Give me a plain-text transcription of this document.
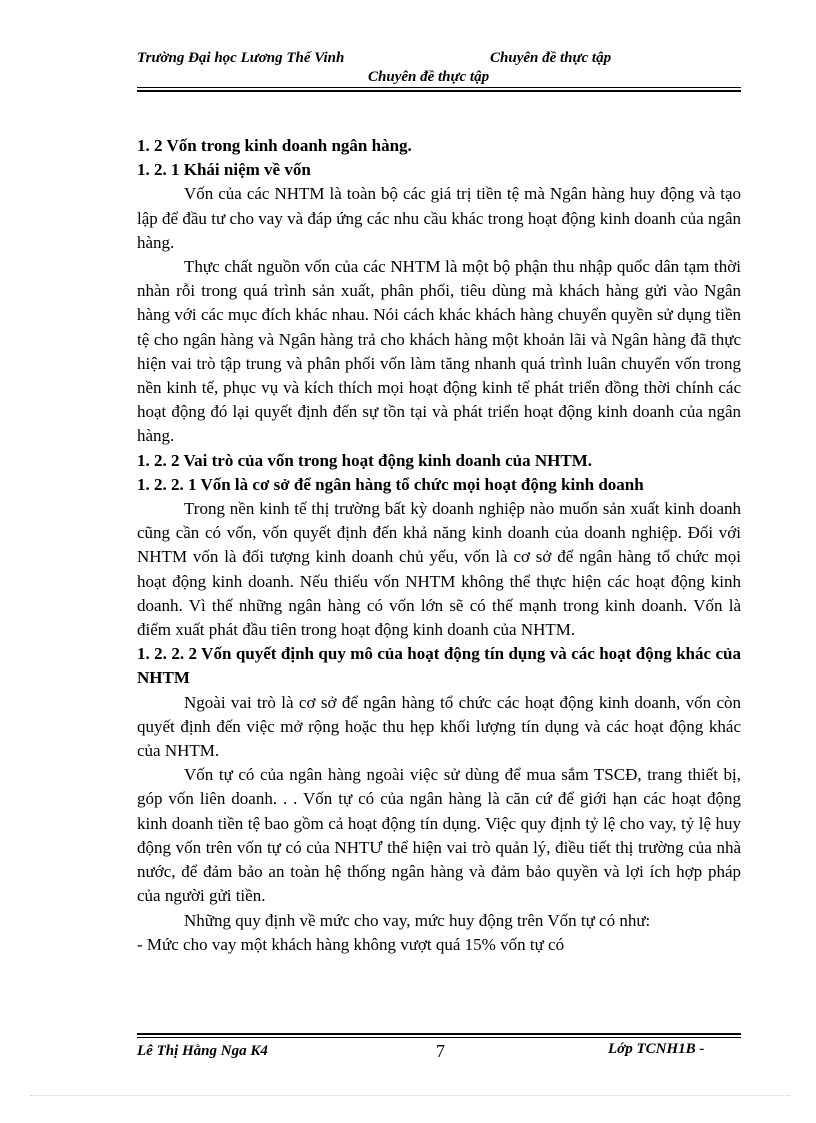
Trường Đại học Lương Thế Vinh	Chuyên đề thực tập
Chuyên đề thực tập

1. 2 Vốn trong kinh doanh ngân hàng.

1. 2. 1 Khái niệm về vốn

Vốn của các NHTM là toàn bộ các giá trị tiền tệ mà Ngân hàng huy động và tạo lập để đầu tư cho vay và đáp ứng các nhu cầu khác trong hoạt động kinh doanh của ngân hàng.

Thực chất nguồn vốn của các NHTM là một bộ phận thu nhập quốc dân tạm thời nhàn rỗi trong quá trình sản xuất, phân phối, tiêu dùng mà khách hàng gửi vào Ngân hàng với các mục đích khác nhau. Nói cách khác khách hàng chuyển quyền sử dụng tiền tệ cho ngân hàng và Ngân hàng trả cho khách hàng một khoản lãi và Ngân hàng đã thực hiện vai trò tập trung và phân phối vốn làm tăng nhanh quá trình luân chuyển vốn trong nền kinh tế, phục vụ và kích thích mọi hoạt động kinh tế phát triển đồng thời chính các hoạt động đó lại quyết định đến sự tồn tại và phát triển hoạt động kinh doanh của ngân hàng.

1. 2. 2 Vai trò của vốn trong hoạt động kinh doanh của NHTM.

1. 2. 2. 1 Vốn là cơ sở để ngân hàng tổ chức mọi hoạt động kinh doanh

Trong nền kinh tế thị trường bất kỳ doanh nghiệp nào muốn sản xuất kinh doanh cũng cần có vốn, vốn quyết định đến khả năng kinh doanh của doanh nghiệp. Đối với NHTM vốn là đối tượng kinh doanh chủ yếu, vốn là cơ sở để ngân hàng tổ chức mọi hoạt động kinh doanh. Nếu thiếu vốn NHTM không thể thực hiện các hoạt động kinh doanh. Vì thế những ngân hàng có vốn lớn sẽ có thế mạnh trong kinh doanh. Vốn là điểm xuất phát đầu tiên trong hoạt động kinh doanh của NHTM.

1. 2. 2. 2 Vốn quyết định quy mô của hoạt động tín dụng và các hoạt động khác của NHTM

Ngoài vai trò là cơ sở để ngân hàng tổ chức các hoạt động kinh doanh, vốn còn quyết định đến việc mở rộng hoặc thu hẹp khối lượng tín dụng và các hoạt động khác của NHTM.

Vốn tự có của ngân hàng ngoài việc sử dùng để mua sắm TSCĐ, trang thiết bị, góp vốn liên doanh. . . Vốn tự có của ngân hàng là căn cứ để giới hạn các hoạt động kinh doanh tiền tệ bao gồm cả hoạt động tín dụng. Việc quy định tỷ lệ cho vay, tỷ lệ huy động vốn trên vốn tự có của NHTƯ thể hiện vai trò quản lý, điều tiết thị trường của nhà nước, để đảm bảo an toàn hệ thống ngân hàng và đảm bảo quyền và lợi ích hợp pháp của người gửi tiền.

Những quy định về mức cho vay, mức huy động trên Vốn tự có như:

- Mức cho vay một khách hàng không vượt quá 15% vốn tự có

Lê Thị Hằng Nga K4	7	Lớp TCNH1B -
